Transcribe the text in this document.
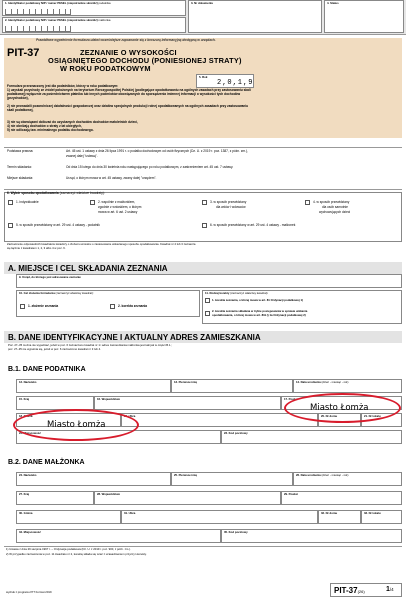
1. Identyfikator podatkowy NIP / numer PESEL (niepotrzebne skreślić) podatnika
2. Identyfikator podatkowy NIP / numer PESEL (niepotrzebne skreślić) małżonka
3. Nr dokumentu	4. Status
Prawidłowe wypełnienie formularza ułatwi wcześniejsze zapoznanie się z broszurą informacyjną dostępną w urzędach.
PIT-37	ZEZNANIE O WYSOKOŚCI
OSIĄGNIĘTEGO DOCHODU (PONIESIONEJ STRATY)
W ROKU PODATKOWYM
5. Rok
2,0,1,9
Formularz przeznaczony jest dla podatników, którzy w roku podatkowym:
1) uzyskali przychody ze źródeł położonych na terytorium Rzeczypospolitej Polskiej (podlegające opodatkowaniu na ogólnych zasadach przy zastosowaniu skali
podatkowej) wyłącznie za pośrednictwem płatnika lub innych podmiotów obowiązanych do sporządzenia imiennej informacji o wysokości tych dochodów
(przychodów),
2) nie prowadzili pozarolniczej działalności gospodarczej oraz działów specjalnych produkcji rolnej opodatkowanych na ogólnych zasadach przy zastosowaniu
skali podatkowej,
3) nie są obowiązani doliczać do uzyskanych dochodów dochodów małoletnich dzieci,
4) nie obniżają dochodów o straty z lat ubiegłych,
5) nie odliczają tzw. minimalnego podatku dochodowego.
Podstawa prawna:	Art. 45 ust. 1 ustawy z dnia 26 lipca 1991 r. o podatku dochodowym od osób fizycznych (Dz. U. z 2019 r. poz. 1387, z późn. zm.),
zwanej dalej "ustawą".
Termin składania:	Od dnia 15 lutego do dnia 30 kwietnia roku następującego po roku podatkowym, z zastrzeżeniem art. 45 ust. 7 ustawy.
Miejsce składania:	Urząd, o którym mowa w art. 45 ustawy, zwany dalej "urzędem".
6. Wybór sposobu opodatkowania (zaznaczyć właściwe kwadraty):
1. indywidualnie	2. wspólnie z małżonkiem,
zgodnie z wnioskiem, o którym
mowa w art. 6 ust. 2 ustawy
3. w sposób przewidziany
dla wdów i wdowców
4. w sposób przewidziany
dla osób samotnie
wychowujących dzieci
5. w sposób przewidziany w art. 29 ust. 4 ustawy - podatnik	6. w sposób przewidziany w art. 29 ust. 4 ustawy - małżonek
Zaznaczenie odpowiednich kwadratów świadczy o złożeniu wniosku o zastosowanie wskazanego sposobu opodatkowania. Kwadrat nr 2 lub 3 zaznacza
się łącznie z kwadratem 1, 2, 3 albo 4 w poz. 6.
A. MIEJSCE I CEL SKŁADANIA ZEZNANIA
9. Urząd, do którego jest adresowane zeznanie
10. Cel złożenia formularza (zaznaczyć właściwy kwadrat):
1. złożenie zeznania	2. korekta zeznania
11. Rodzaj korekty (zaznaczyć właściwy kwadrat):
1. korekta zeznania, o której mowa w art. 81 Ordynacji podatkowej 1)
2. korekta zeznania składana w trybie postępowania w sprawie unikania
opodatkowania, o której mowa w art. 81b § 1a Ordynacji podatkowej 2)
B. DANE IDENTYFIKACYJNE I AKTUALNY ADRES ZAMIESZKANIA
Poz. 27–35 można nie wypełniać, jeżeli w poz. 6 zaznaczono kwadrat nr 1 i adres zamieszkania małżonka jest taki jak w części B.1.;
poz. 27–35 nie wypełnia się, jeżeli w poz. 6 zaznaczono kwadrat nr 3 lub 4.
B.1. DANE PODATNIKA
12. Nazwisko	13. Pierwsze imię	14. Data urodzenia (dzień - miesiąc - rok)
15. Kraj	16. Województwo	17. Powiat
18. Gmina	19. Ulica	20. Nr domu	21. Nr lokalu
22. Miejscowość	23. Kod pocztowy
Miasto Łomża
Miasto Łomża
B.2. DANE MAŁŻONKA
24. Nazwisko	25. Pierwsze imię	26. Data urodzenia (dzień - miesiąc - rok)
27. Kraj	28. Województwo	29. Powiat
30. Gmina	31. Ulica	32. Nr domu	33. Nr lokalu
34. Miejscowość	35. Kod pocztowy
1) Ustawa z dnia 29 sierpnia 1997 r. – Ordynacja podatkowa (Dz. U. z 2019 r. poz. 900, z późn. zm.).
2) W przypadku zaznaczenia w poz. 11 kwadratu nr 2, korektę składa się wraz z uzasadnieniem przyczyn korekty.
wydruk z programu PIT Format 2019	PIT-37(26)	1/4
